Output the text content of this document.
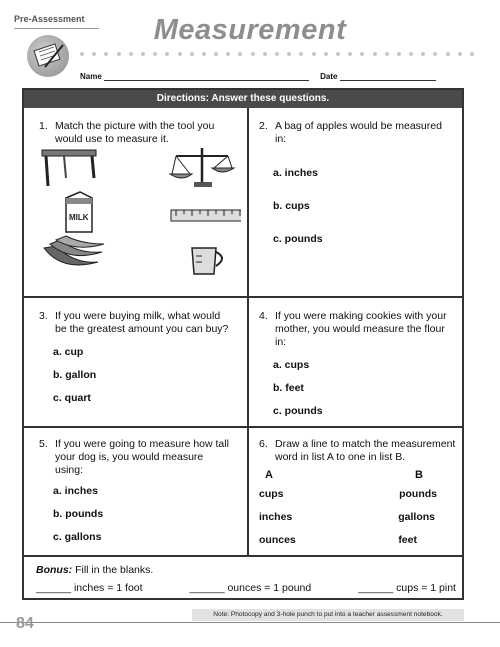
Pre-Assessment	Measurement
Name	Date
Directions: Answer these questions.
1. Match the picture with the tool you would use to measure it.
MILK
2. A bag of apples would be measured in:
a. inches
b. cups
c. pounds
3. If you were buying milk, what would be the greatest amount you can buy?
a. cup
b. gallon
c. quart
4. If you were making cookies with your mother, you would measure the flour in:
a. cups
b. feet
c. pounds
5. If you were going to measure how tall your dog is, you would measure using:
a. inches
b. pounds
c. gallons
6. Draw a line to match the measurement word in list A to one in list B.
A	B
cups	pounds
inches	gallons
ounces	feet
Bonus: Fill in the blanks.
______ inches = 1 foot	______ ounces = 1 pound	______ cups = 1 pint
Note: Photocopy and 3-hole punch to put into a teacher assessment notebook.
84
